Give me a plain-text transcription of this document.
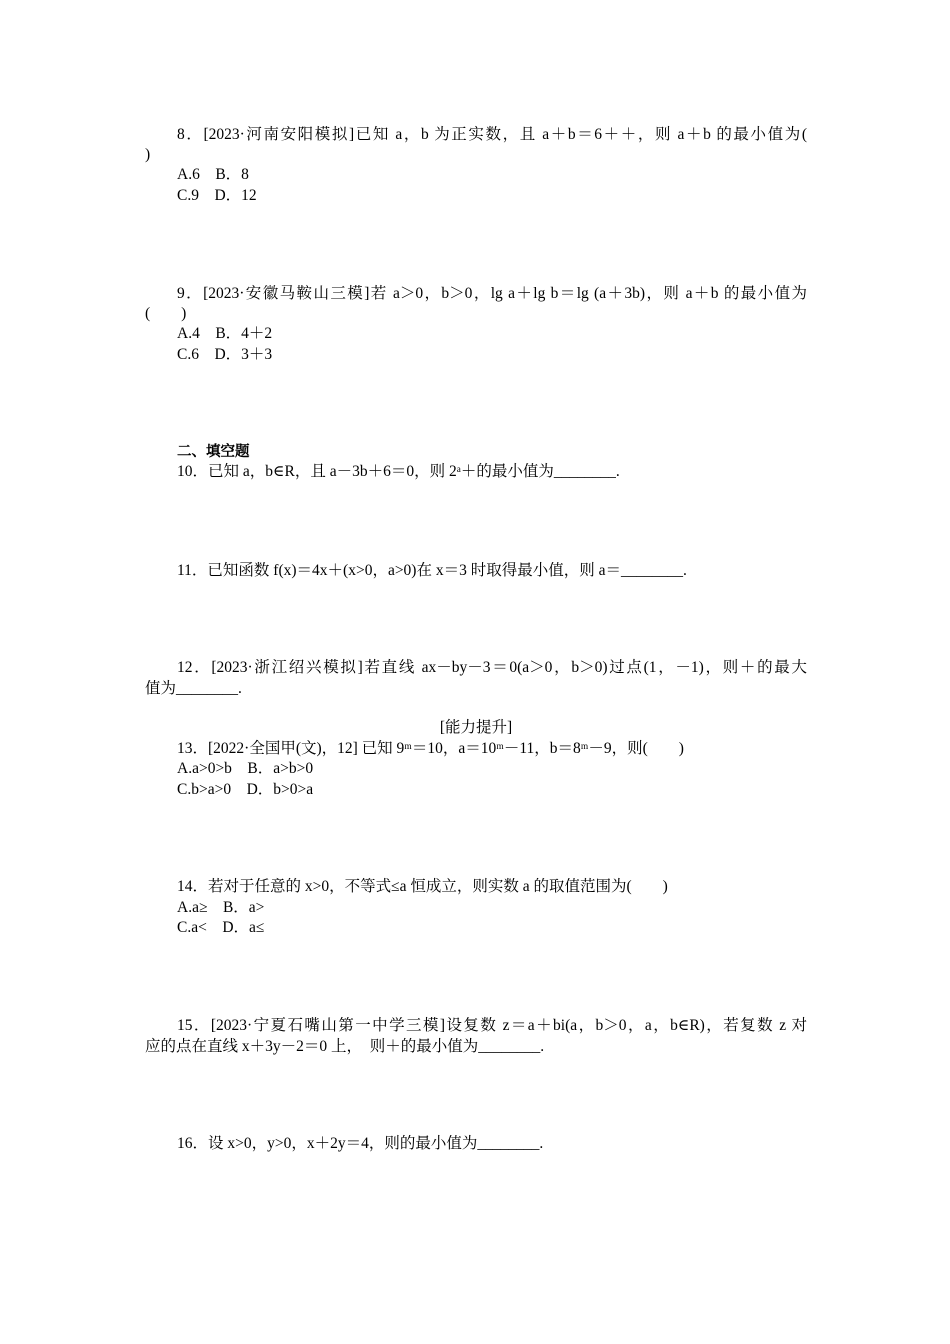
8．[2023·河南安阳模拟]已知 a，b 为正实数，且 a＋b＝6＋＋，则 a＋b 的最小值为(
)
A.6　B．8
C.9　D．12
9．[2023·安徽马鞍山三模]若 a＞0，b＞0，lg a＋lg b＝lg (a＋3b)，则 a＋b 的最小值为
(　　)
A.4　B．4＋2
C.6　D．3＋3
二、填空题
10．已知 a，b∈R，且 a－3b＋6＝0，则 2ᵃ＋的最小值为________.
11．已知函数 f(x)＝4x＋(x>0，a>0)在 x＝3 时取得最小值，则 a＝________.
12．[2023·浙江绍兴模拟]若直线 ax－by－3＝0(a＞0，b＞0)过点(1，－1)，则＋的最大
值为________.
[能力提升]
13．[2022·全国甲(文)，12] 已知 9ᵐ＝10，a＝10ᵐ－11，b＝8ᵐ－9，则(　　)
A.a>0>b　B．a>b>0
C.b>a>0　D．b>0>a
14．若对于任意的 x>0，不等式≤a 恒成立，则实数 a 的取值范围为(　　)
A.a≥　B．a>
C.a<　D．a≤
15．[2023·宁夏石嘴山第一中学三模]设复数 z＝a＋bi(a，b＞0，a，b∈R)，若复数 z 对
应的点在直线 x＋3y－2＝0 上，　则＋的最小值为________.
16．设 x>0，y>0，x＋2y＝4，则的最小值为________.
